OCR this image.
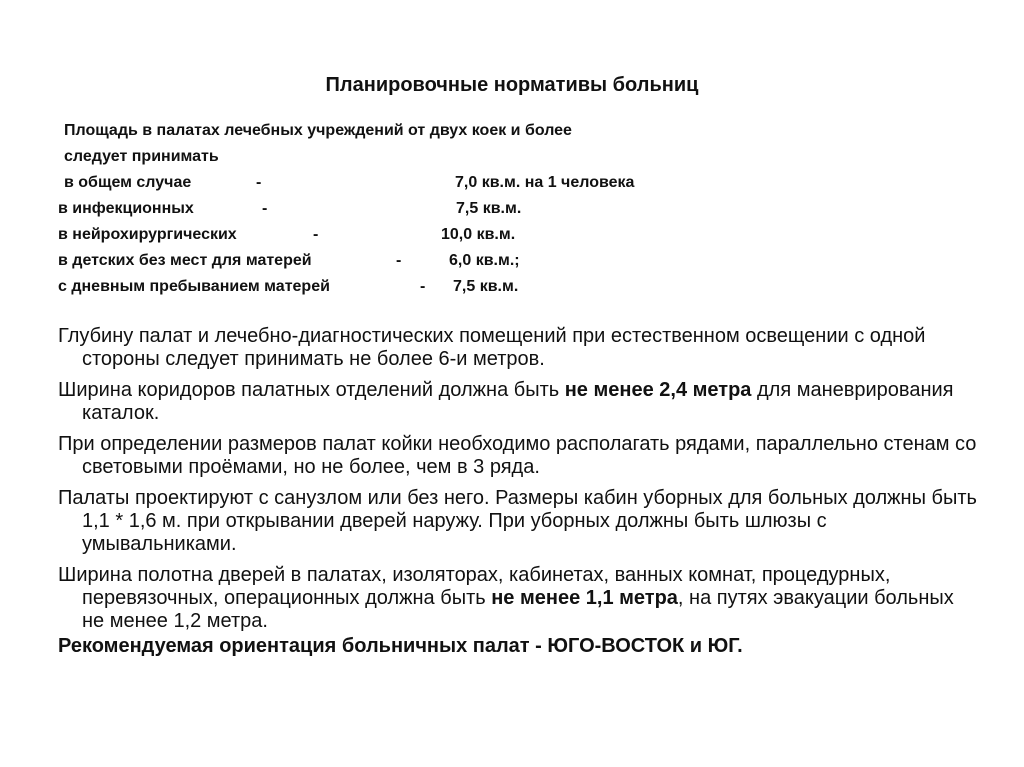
Планировочные нормативы больниц
Площадь в палатах лечебных учреждений от двух коек и более
следует принимать
в общем случае	-	7,0 кв.м. на 1 человека
в инфекционных	-	7,5 кв.м.
в нейрохирургических	-	10,0 кв.м.
в детских без мест для матерей	-	6,0 кв.м.;
с дневным пребыванием матерей	- 7,5 кв.м.
Глубину палат и лечебно-диагностических помещений при естественном освещении с одной стороны следует принимать не более 6-и метров.
Ширина коридоров палатных отделений должна быть не менее 2,4 метра для маневрирования каталок.
При определении размеров палат койки необходимо располагать рядами, параллельно стенам со световыми проёмами, но не более, чем в 3 ряда.
Палаты проектируют с санузлом или без него. Размеры кабин уборных для больных должны быть 1,1 * 1,6 м. при открывании дверей наружу. При уборных должны быть шлюзы с умывальниками.
Ширина полотна дверей в палатах, изоляторах, кабинетах, ванных комнат, процедурных, перевязочных, операционных должна быть не менее 1,1 метра, на путях эвакуации больных не менее 1,2 метра.
Рекомендуемая ориентация больничных палат - ЮГО-ВОСТОК и ЮГ.
